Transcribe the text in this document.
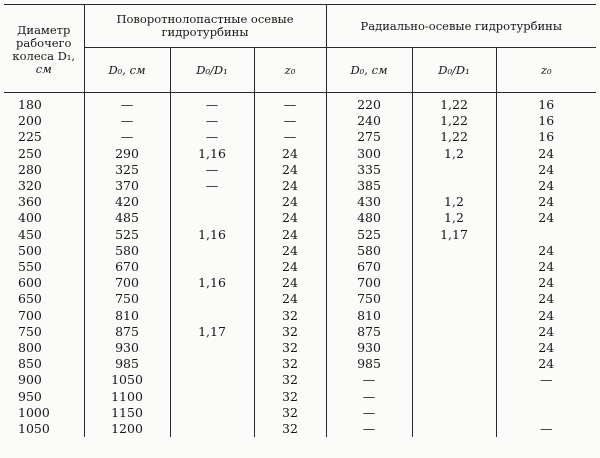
Диаметр
рабочего
колеса D₁,
см	Поворотнолопастные осевые
гидротурбины			Радиально-осевые гидротурбины		

	D₀, см	D₀/D₁	z₀	D₀, см	D₀/D₁	z₀
180	—	—	—	220	1,22	16
200	—	—	—	240	1,22	16
225	—	—	—	275	1,22	16
250	290	1,16	24	300	1,2	24
280	325	—	24	335		24
320	370	—	24	385		24
360	420		24	430	1,2	24
400	485		24	480	1,2	24
450	525	1,16	24	525	1,17	
500	580		24	580		24
550	670		24	670		24
600	700	1,16	24	700		24
650	750		24	750		24
700	810		32	810		24
750	875	1,17	32	875		24
800	930		32	930		24
850	985		32	985		24
900	1050		32	—		—
950	1100		32	—		
1000	1150		32	—		
1050	1200		32	—		—
